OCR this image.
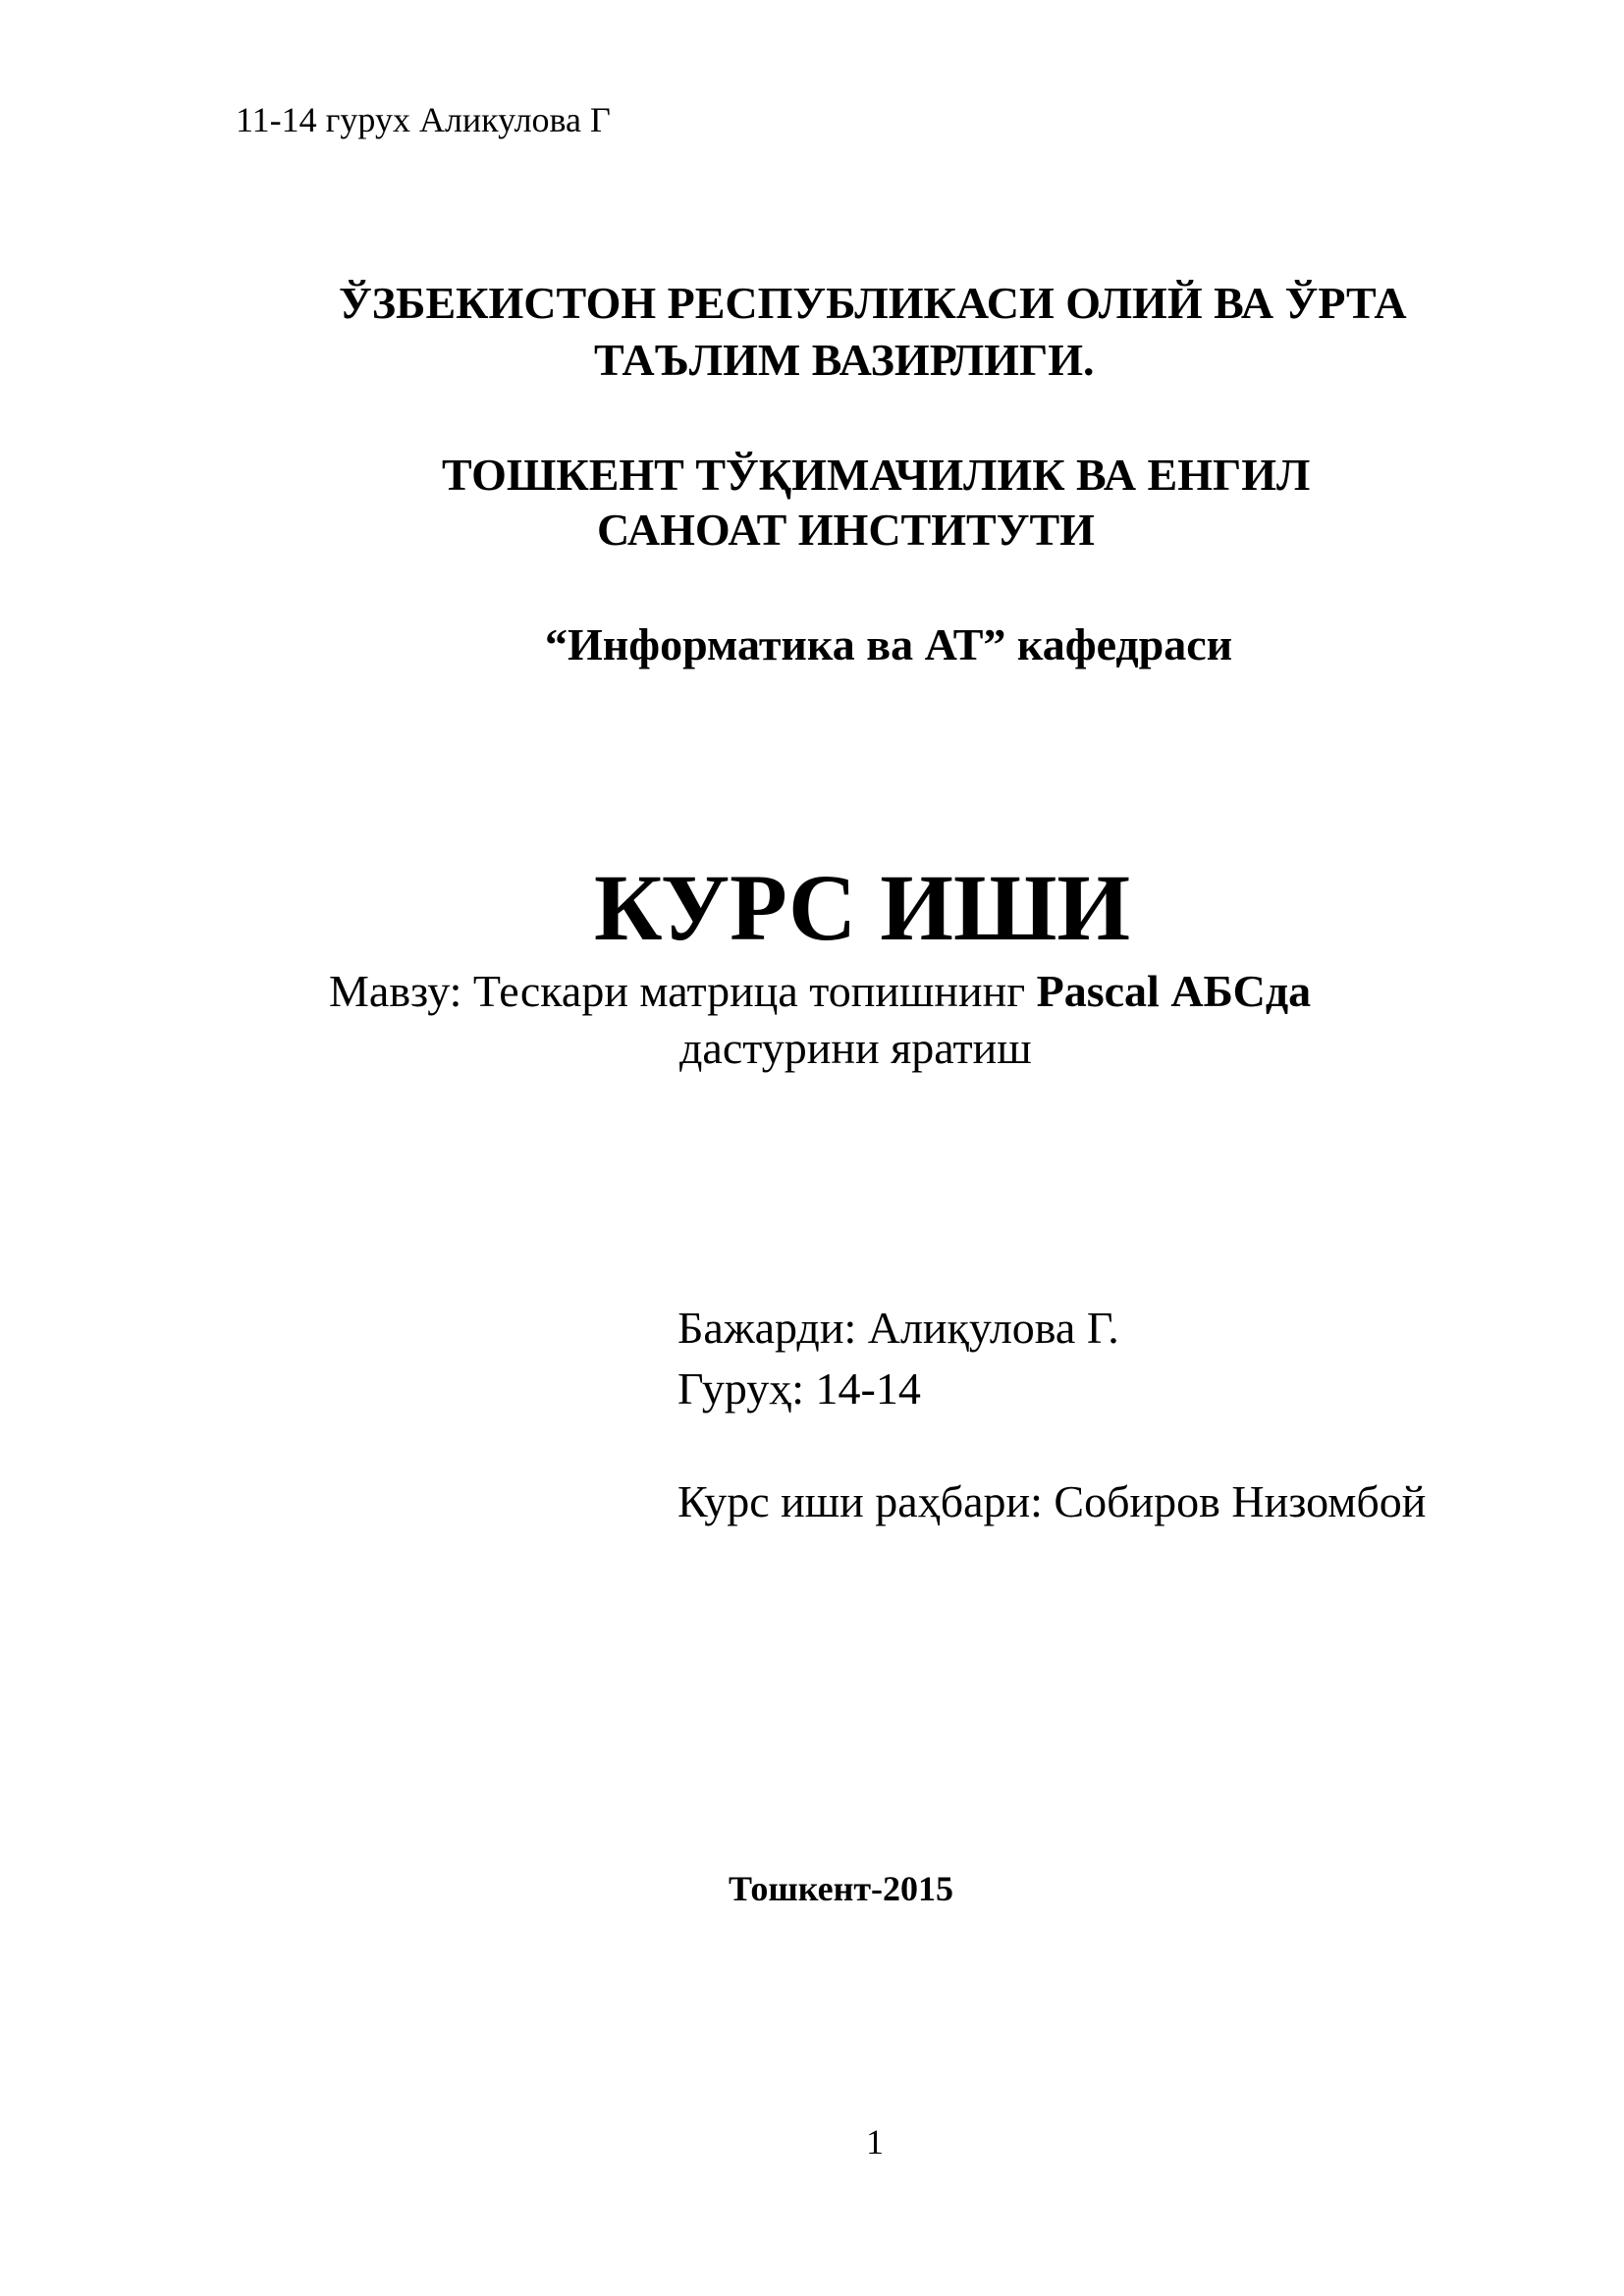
11-14 гурух Аликулова Г
ЎЗБЕКИСТОН РЕСПУБЛИКАСИ ОЛИЙ ВА ЎРТА
ТАЪЛИМ ВАЗИРЛИГИ.
ТОШКЕНТ ТЎҚИМАЧИЛИК ВА ЕНГИЛ
САНОАТ ИНСТИТУТИ
“Информатика ва АТ” кафедраси
КУРС ИШИ
Мавзу: Тескари матрица топишнинг Pascal АБСда
дастурини яратиш
Бажарди: Алиқулова Г.
Гуруҳ: 14-14
Курс иши раҳбари: Собиров Низомбой
Тошкент-2015
1
